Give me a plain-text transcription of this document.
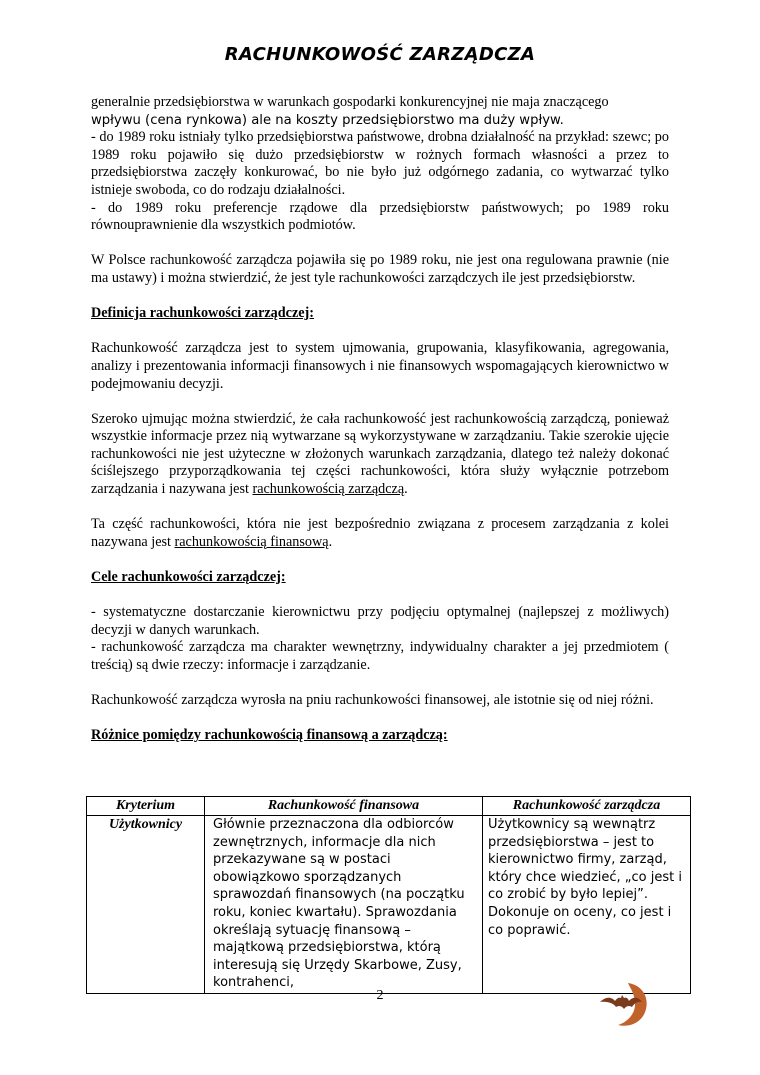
RACHUNKOWOŚĆ ZARZĄDCZA

generalnie przedsiębiorstwa w warunkach gospodarki konkurencyjnej nie maja znaczącego
wpływu (cena rynkowa) ale na koszty przedsiębiorstwo ma duży wpływ.

- do 1989 roku istniały tylko przedsiębiorstwa państwowe, drobna działalność na przykład: szewc; po 1989 roku pojawiło się dużo przedsiębiorstw w rożnych formach własności a przez to przedsiębiorstwa zaczęły konkurować, bo nie było już odgórnego zadania, co wytwarzać tylko istnieje swoboda, co do rodzaju działalności.

- do 1989 roku preferencje rządowe dla przedsiębiorstw państwowych; po 1989 roku równouprawnienie dla wszystkich podmiotów.

W Polsce rachunkowość zarządcza pojawiła się po 1989 roku, nie jest ona regulowana prawnie (nie ma ustawy) i można stwierdzić, że jest tyle rachunkowości zarządczych ile jest przedsiębiorstw.

Definicja rachunkowości zarządczej:

Rachunkowość zarządcza jest to system ujmowania, grupowania, klasyfikowania, agregowania, analizy i prezentowania informacji finansowych i nie finansowych wspomagających kierownictwo w podejmowaniu decyzji.

Szeroko ujmując można stwierdzić, że cała rachunkowość jest rachunkowością zarządczą, ponieważ wszystkie informacje przez nią wytwarzane są wykorzystywane w zarządzaniu. Takie szerokie ujęcie rachunkowości nie jest użyteczne w złożonych warunkach zarządzania, dlatego też należy dokonać ściślejszego przyporządkowania tej części rachunkowości, która służy wyłącznie potrzebom zarządzania i nazywana jest rachunkowością zarządczą.

Ta część rachunkowości, która nie jest bezpośrednio związana z procesem zarządzania z kolei nazywana jest rachunkowością finansową.

Cele rachunkowości zarządczej:

- systematyczne dostarczanie kierownictwu przy podjęciu optymalnej (najlepszej z możliwych) decyzji w danych warunkach.

- rachunkowość zarządcza ma charakter wewnętrzny, indywidualny charakter a jej przedmiotem ( treścią) są dwie rzeczy: informacje i zarządzanie.

Rachunkowość zarządcza wyrosła na pniu rachunkowości finansowej, ale istotnie się od niej różni.

Różnice pomiędzy rachunkowością finansową a zarządczą:

Kryterium	Rachunkowość finansowa	Rachunkowość zarządcza
Użytkownicy	Głównie przeznaczona dla odbiorców zewnętrznych, informacje dla nich przekazywane są w postaci obowiązkowo sporządzanych sprawozdań finansowych (na początku roku, koniec kwartału). Sprawozdania określają sytuację finansową – majątkową przedsiębiorstwa, którą interesują się Urzędy Skarbowe, Zusy, kontrahenci,	Użytkownicy są wewnątrz przedsiębiorstwa – jest to kierownictwo firmy, zarząd, który chce wiedzieć, „co jest i co zrobić by było lepiej”. Dokonuje on oceny, co jest i co poprawić.
2
